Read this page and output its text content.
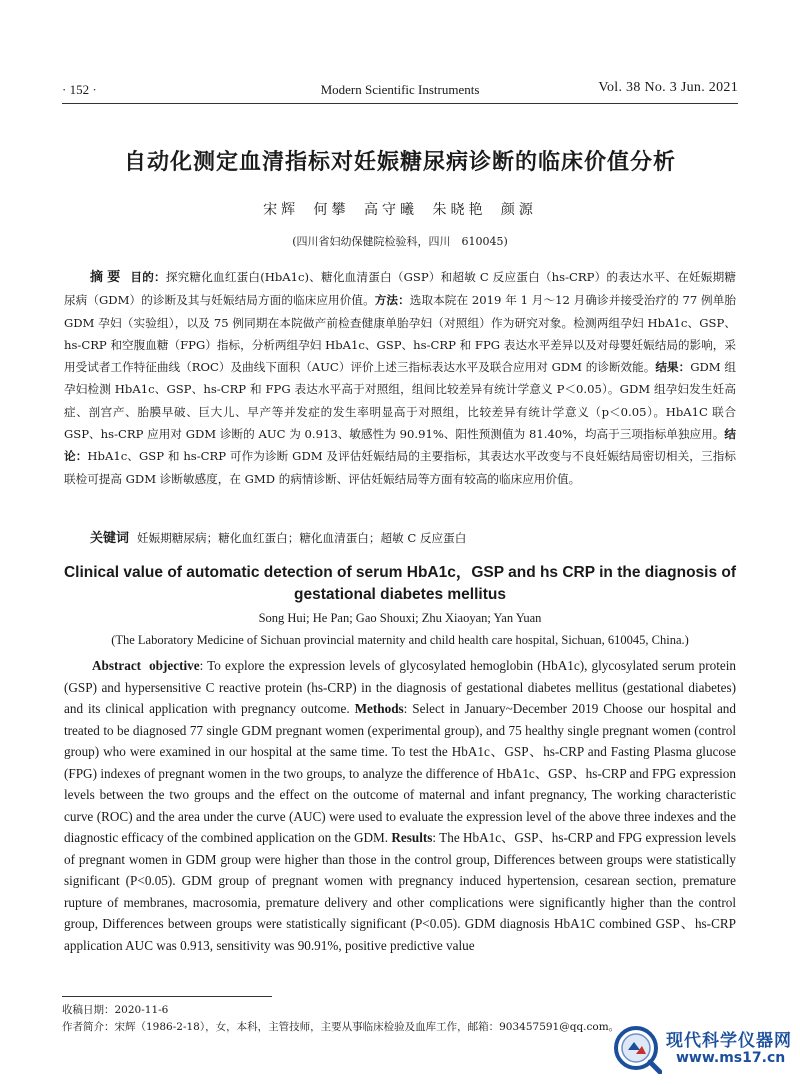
· 152 ·	Modern Scientific Instruments	Vol. 38 No. 3 Jun. 2021
自动化测定血清指标对妊娠糖尿病诊断的临床价值分析
宋辉 何攀 高守曦 朱晓艳 颜源
(四川省妇幼保健院检验科，四川　610045)
摘要 目的：探究糖化血红蛋白(HbA1c)、糖化血清蛋白（GSP）和超敏 C 反应蛋白（hs-CRP）的表达水平、在妊娠期糖尿病（GDM）的诊断及其与妊娠结局方面的临床应用价值。方法：选取本院在 2019 年 1 月～12 月确诊并接受治疗的 77 例单胎 GDM 孕妇（实验组），以及 75 例同期在本院做产前检查健康单胎孕妇（对照组）作为研究对象。检测两组孕妇 HbA1c、GSP、hs-CRP 和空腹血糖（FPG）指标，分析两组孕妇 HbA1c、GSP、hs-CRP 和 FPG 表达水平差异以及对母婴妊娠结局的影响，采用受试者工作特征曲线（ROC）及曲线下面积（AUC）评价上述三指标表达水平及联合应用对 GDM 的诊断效能。结果：GDM 组孕妇检测 HbA1c、GSP、hs-CRP 和 FPG 表达水平高于对照组，组间比较差异有统计学意义 P＜0.05）。GDM 组孕妇发生妊高症、剖宫产、胎膜早破、巨大儿、早产等并发症的发生率明显高于对照组，比较差异有统计学意义（p＜0.05）。HbA1C 联合 GSP、hs-CRP 应用对 GDM 诊断的 AUC 为 0.913、敏感性为 90.91%、阳性预测值为 81.40%，均高于三项指标单独应用。结论：HbA1c、GSP 和 hs-CRP 可作为诊断 GDM 及评估妊娠结局的主要指标，其表达水平改变与不良妊娠结局密切相关，三指标联检可提高 GDM 诊断敏感度，在 GMD 的病情诊断、评估妊娠结局等方面有较高的临床应用价值。
关键词 妊娠期糖尿病；糖化血红蛋白；糖化血清蛋白；超敏 C 反应蛋白
Clinical value of automatic detection of serum HbA1c，GSP and hs CRP in the diagnosis of gestational diabetes mellitus
Song Hui; He Pan; Gao Shouxi; Zhu Xiaoyan; Yan Yuan
(The Laboratory Medicine of Sichuan provincial maternity and child health care hospital, Sichuan, 610045, China.)
Abstract objective: To explore the expression levels of glycosylated hemoglobin (HbA1c), glycosylated serum protein (GSP) and hypersensitive C reactive protein (hs-CRP) in the diagnosis of gestational diabetes mellitus (gestational diabetes) and its clinical application with pregnancy outcome. Methods: Select in January~December 2019 Choose our hospital and treated to be diagnosed 77 single GDM pregnant women (experimental group), and 75 healthy single pregnant women (control group) who were examined in our hospital at the same time. To test the HbA1c、GSP、hs-CRP and Fasting Plasma glucose (FPG) indexes of pregnant women in the two groups, to analyze the difference of HbA1c、GSP、hs-CRP and FPG expression levels between the two groups and the effect on the outcome of maternal and infant pregnancy, The working characteristic curve (ROC) and the area under the curve (AUC) were used to evaluate the expression level of the above three indexes and the diagnostic efficacy of the combined application on the GDM. Results: The HbA1c、GSP、hs-CRP and FPG expression levels of pregnant women in GDM group were higher than those in the control group, Differences between groups were statistically significant (P<0.05). GDM group of pregnant women with pregnancy induced hypertension, cesarean section, premature rupture of membranes, macrosomia, premature delivery and other complications were significantly higher than the control group, Differences between groups were statistically significant (P<0.05). GDM diagnosis HbA1C combined GSP、hs-CRP application AUC was 0.913, sensitivity was 90.91%, positive predictive value
收稿日期：2020-11-6
作者简介：宋辉（1986-2-18），女，本科，主管技师，主要从事临床检验及血库工作，邮箱：903457591@qq.com。
现代科学仪器网
www.ms17.cn
